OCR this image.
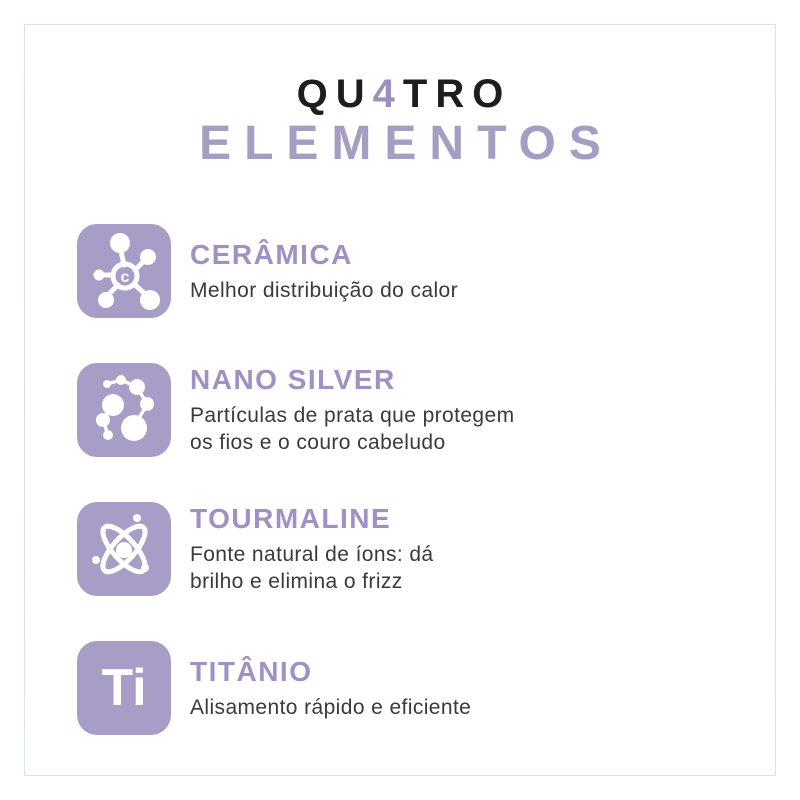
QU4TRO
ELEMENTOS
c
CERÂMICA
Melhor distribuição do calor
NANO SILVER
Partículas de prata que protegem
os fios e o couro cabeludo
TOURMALINE
Fonte natural de íons: dá
brilho e elimina o frizz
Ti TITÂNIO
Alisamento rápido e eficiente
